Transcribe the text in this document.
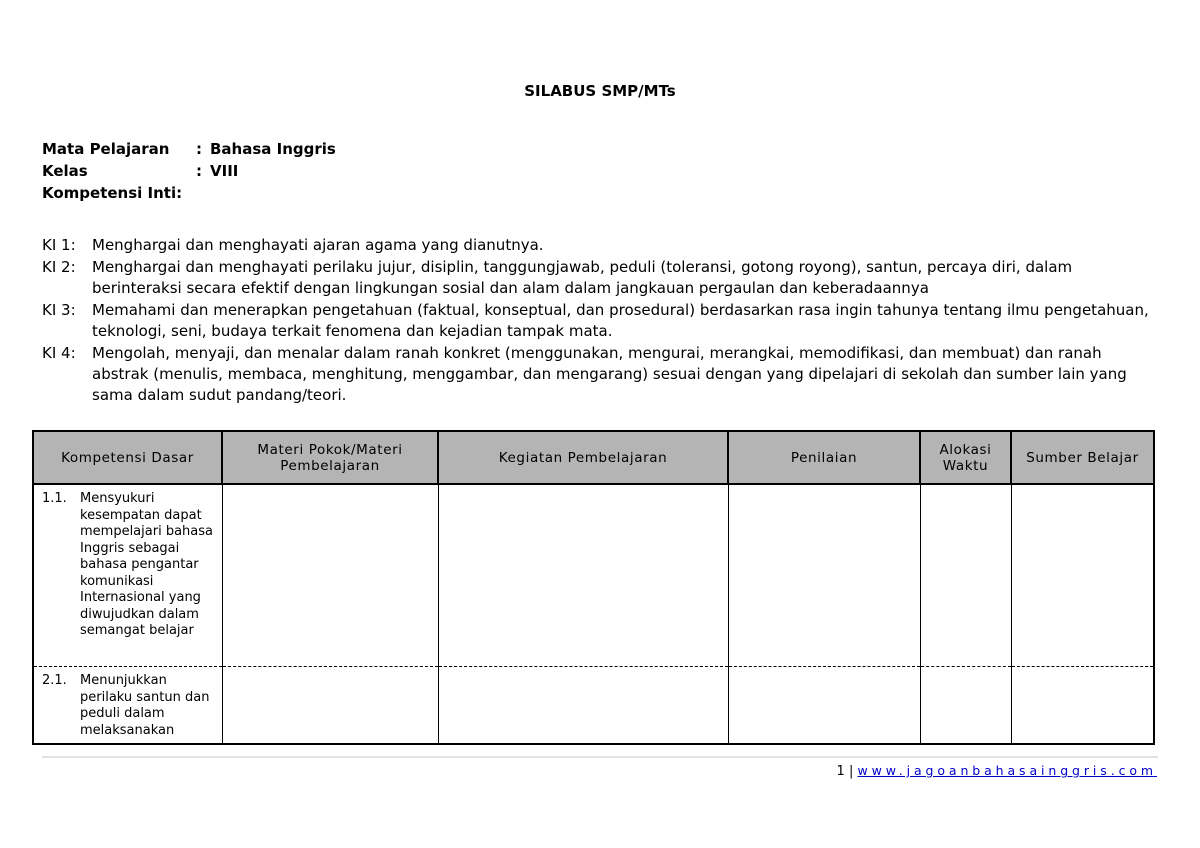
SILABUS SMP/MTs
Mata Pelajaran	: Bahasa Inggris
Kelas	: VIII
Kompetensi Inti :
KI 1:	Menghargai dan menghayati ajaran agama yang dianutnya.
KI 2:	Menghargai dan menghayati perilaku jujur, disiplin, tanggungjawab, peduli (toleransi, gotong royong), santun, percaya diri, dalam berinteraksi secara efektif dengan lingkungan sosial dan alam dalam jangkauan pergaulan dan keberadaannya
KI 3:	Memahami dan menerapkan pengetahuan (faktual, konseptual, dan prosedural) berdasarkan rasa ingin tahunya tentang ilmu pengetahuan, teknologi, seni, budaya terkait fenomena dan kejadian tampak mata.
KI 4:	Mengolah, menyaji, dan menalar dalam ranah konkret (menggunakan, mengurai, merangkai, memodifikasi, dan membuat) dan ranah abstrak (menulis, membaca, menghitung, menggambar, dan mengarang) sesuai dengan yang dipelajari di sekolah dan sumber lain yang sama dalam sudut pandang/teori.
Kompetensi Dasar	Materi Pokok/Materi Pembelajaran	Kegiatan Pembelajaran	Penilaian	Alokasi Waktu	Sumber Belajar

1.1. Mensyukuri kesempatan dapat mempelajari bahasa Inggris sebagai bahasa pengantar komunikasi Internasional yang diwujudkan dalam semangat belajar					

2.1. Menunjukkan perilaku santun dan peduli dalam melaksanakan					

1 | www.jagoanbahasainggris.com
